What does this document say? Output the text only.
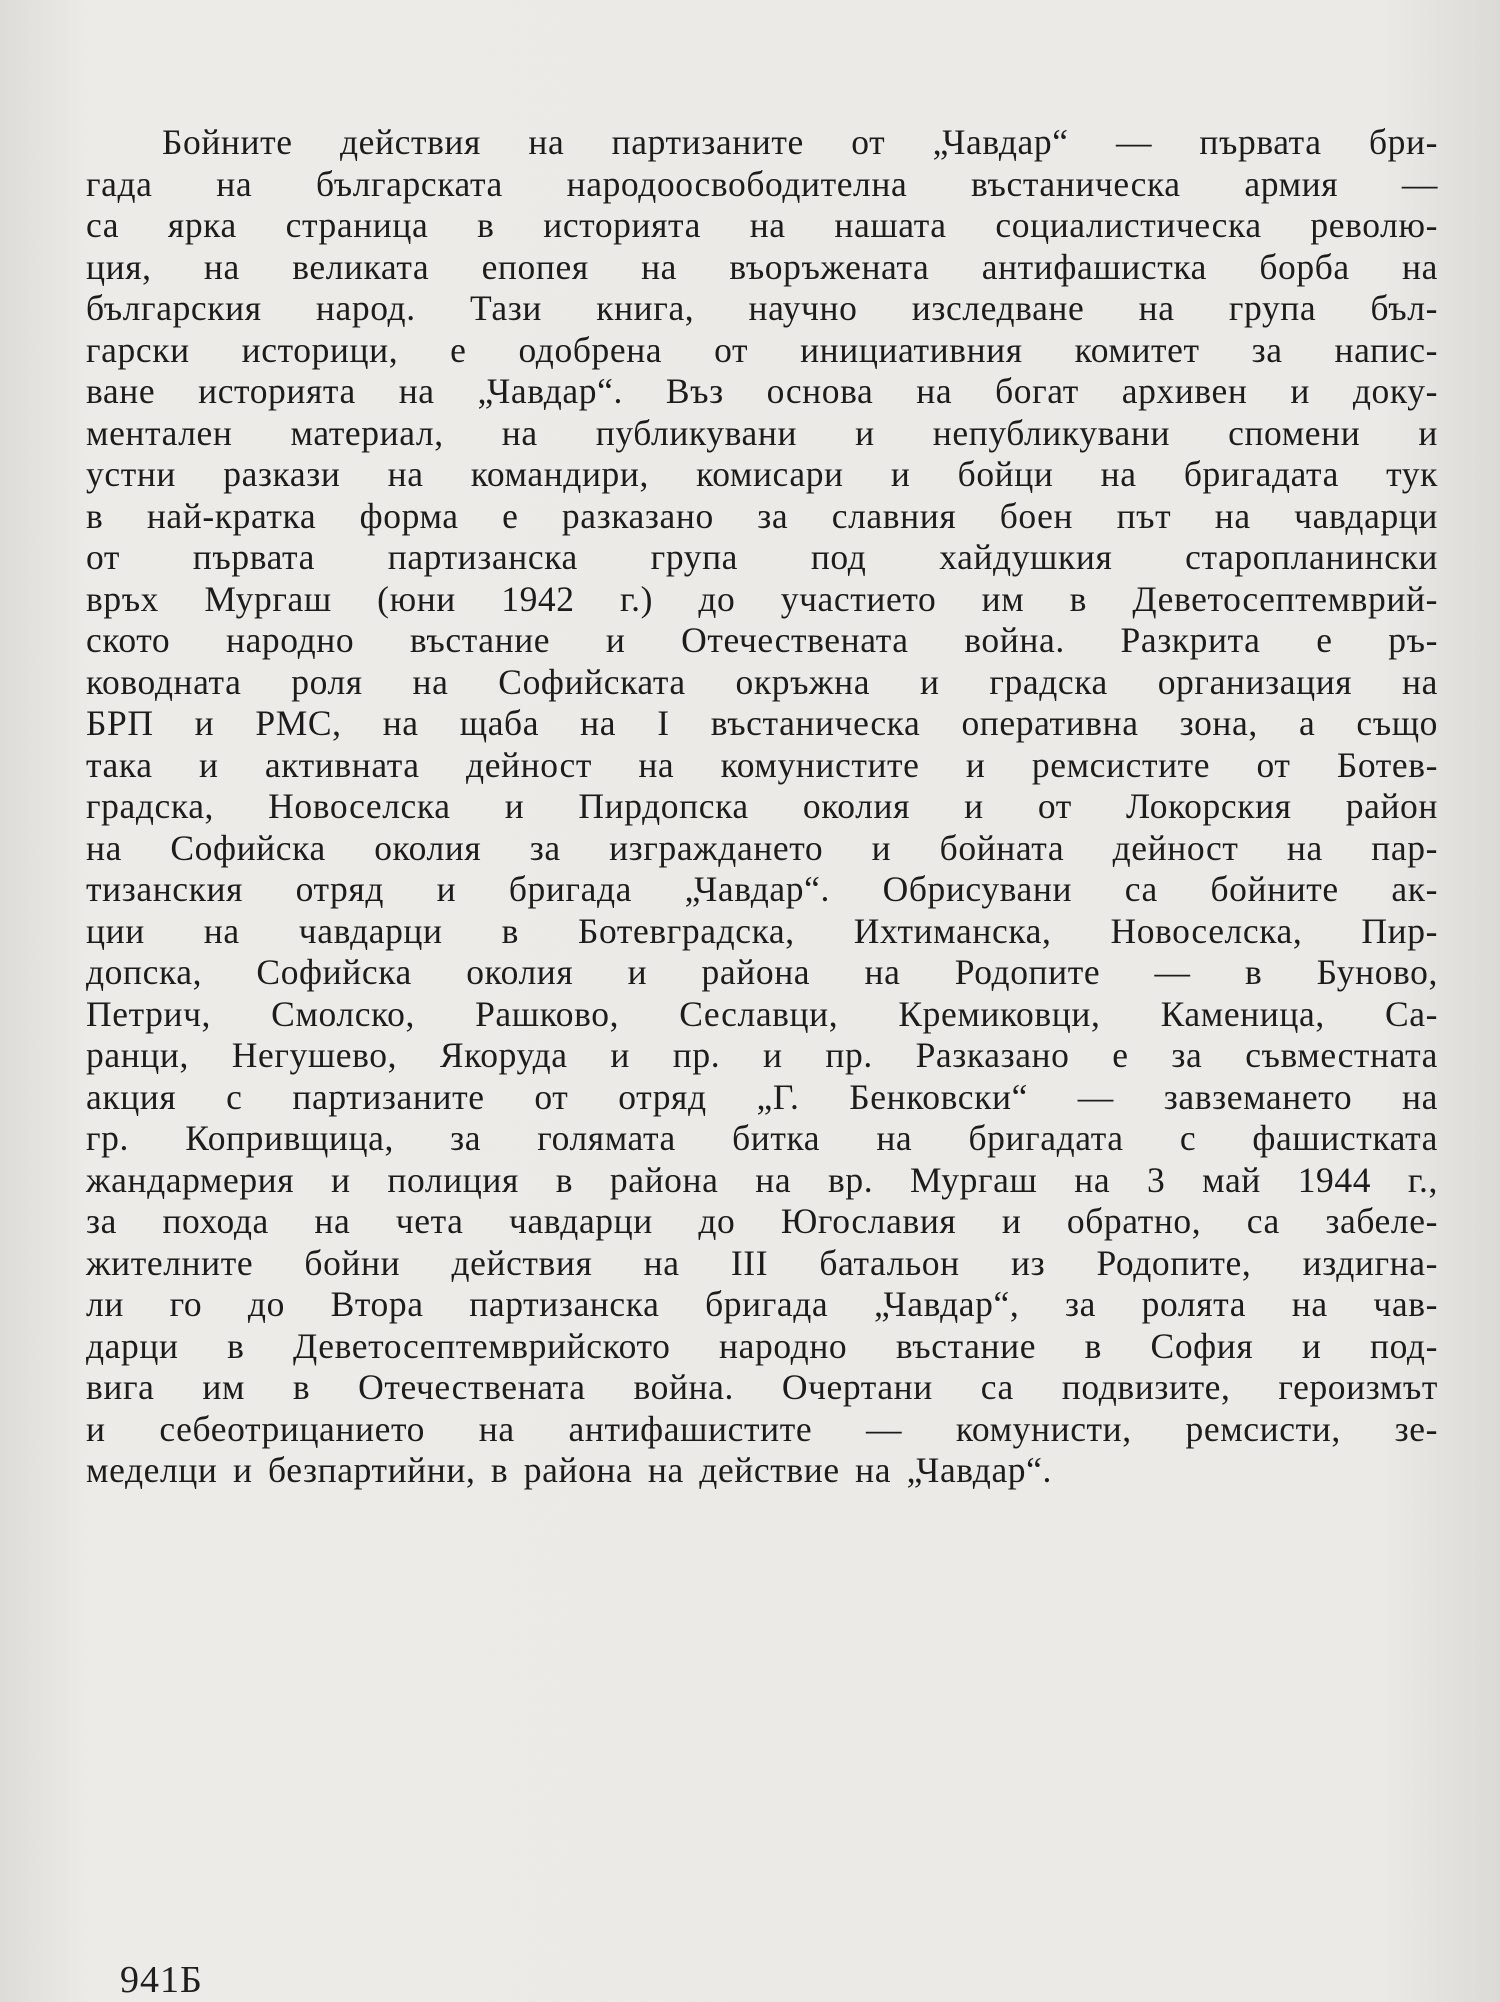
Бойните действия на партизаните от „Чавдар“ — първата бри-
гада на българската народоосвободителна въстаническа армия —
са ярка страница в историята на нашата социалистическа револю-
ция, на великата епопея на въоръжената антифашистка борба на
българския народ. Тази книга, научно изследване на група бъл-
гарски историци, е одобрена от инициативния комитет за напис-
ване историята на „Чавдар“. Въз основа на богат архивен и доку-
ментален материал, на публикувани и непубликувани спомени и
устни разкази на командири, комисари и бойци на бригадата тук
в най-кратка форма е разказано за славния боен път на чавдарци
от първата партизанска група под хайдушкия старопланински
връх Мургаш (юни 1942 г.) до участието им в Деветосептемврий-
ското народно въстание и Отечествената война. Разкрита е ръ-
ководната роля на Софийската окръжна и градска организация на
БРП и РМС, на щаба на I въстаническа оперативна зона, а също
така и активната дейност на комунистите и ремсистите от Ботев-
градска, Новоселска и Пирдопска околия и от Локорския район
на Софийска околия за изграждането и бойната дейност на пар-
тизанския отряд и бригада „Чавдар“. Обрисувани са бойните ак-
ции на чавдарци в Ботевградска, Ихтиманска, Новоселска, Пир-
допска, Софийска околия и района на Родопите — в Буново,
Петрич, Смолско, Рашково, Сеславци, Кремиковци, Каменица, Са-
ранци, Негушево, Якоруда и пр. и пр. Разказано е за съвместната
акция с партизаните от отряд „Г. Бенковски“ — завземането на
гр. Копривщица, за голямата битка на бригадата с фашистката
жандармерия и полиция в района на вр. Мургаш на 3 май 1944 г.,
за похода на чета чавдарци до Югославия и обратно, са забеле-
жителните бойни действия на III батальон из Родопите, издигна-
ли го до Втора партизанска бригада „Чавдар“, за ролята на чав-
дарци в Деветосептемврийското народно въстание в София и под-
вига им в Отечествената война. Очертани са подвизите, героизмът
и себеотрицанието на антифашистите — комунисти, ремсисти, зе-
меделци и безпартийни, в района на действие на „Чавдар“.
941Б
